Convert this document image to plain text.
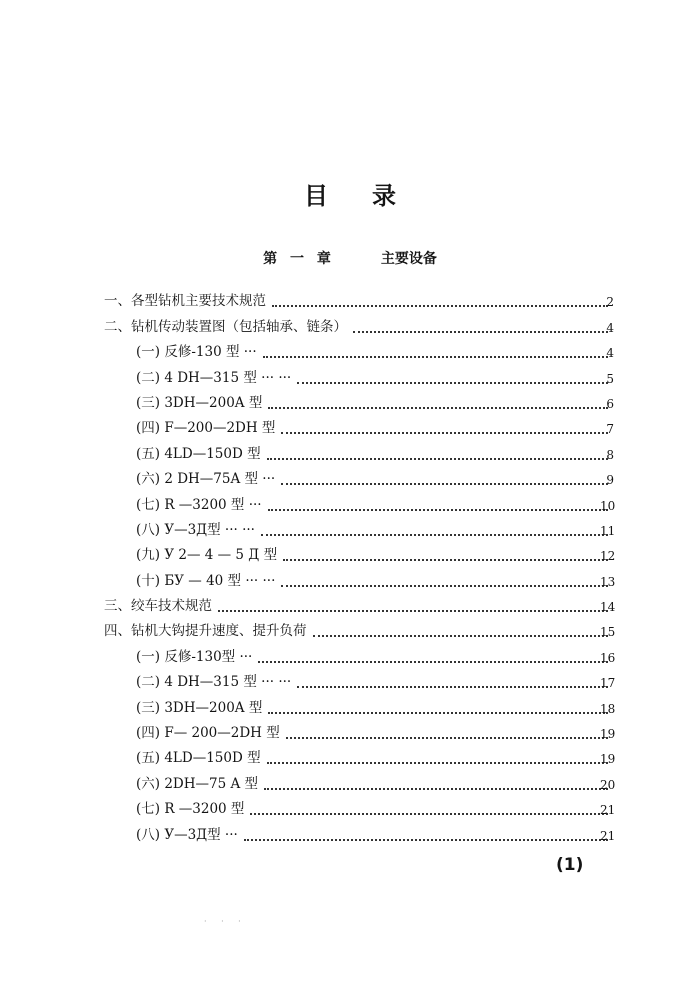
目 录
第 一 章	主要设备
一、各型钻机主要技术规范	2
二、钻机传动装置图（包括轴承、链条）	4
(一) 反修-130 型 ···	4
(二) 4 DH—315 型 ··· ···	5
(三) 3DH—200A 型	6
(四) F—200—2DH 型	7
(五) 4LD—150D 型	8
(六) 2 DH—75A 型 ···	9
(七) R —3200 型 ···	10
(八) У—3Д型 ··· ···	11
(九) У 2— 4 — 5 Д 型	12
(十) БУ — 40 型 ··· ···	13
三、绞车技术规范	14
四、钻机大钩提升速度、提升负荷	15
(一) 反修-130型 ···	16
(二) 4 DH—315 型 ··· ···	17
(三) 3DH—200A 型	18
(四) F— 200—2DH 型	19
(五) 4LD—150D 型	19
(六) 2DH—75 A 型	20
(七) R —3200 型	21
(八) У—3Д型 ···	21
(1)
· · ·
